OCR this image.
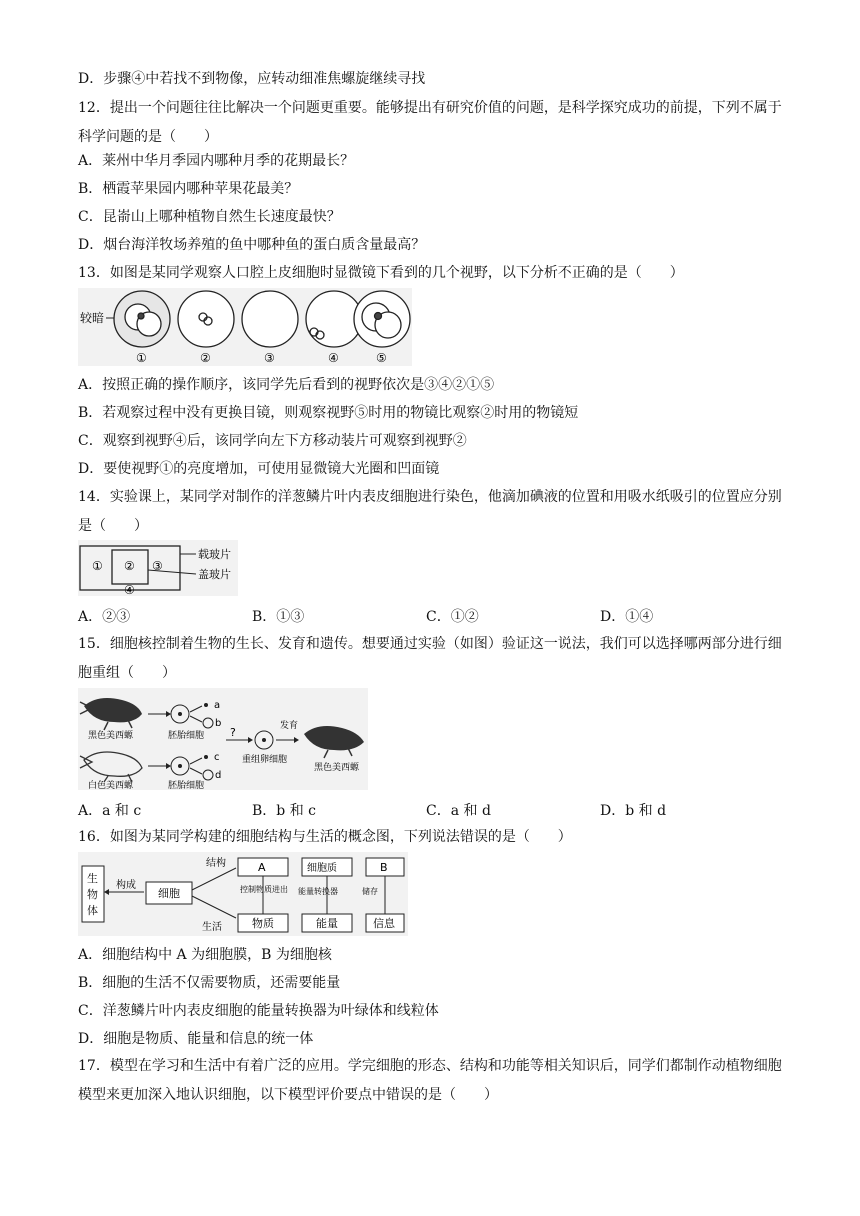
D．步骤④中若找不到物像，应转动细准焦螺旋继续寻找
12．提出一个问题往往比解决一个问题更重要。能够提出有研究价值的问题，是科学探究成功的前提，下列不属于科学问题的是（　　）
A．莱州中华月季园内哪种月季的花期最长？
B．栖霞苹果园内哪种苹果花最美？
C．昆嵛山上哪种植物自然生长速度最快？
D．烟台海洋牧场养殖的鱼中哪种鱼的蛋白质含量最高？
13．如图是某同学观察人口腔上皮细胞时显微镜下看到的几个视野，以下分析不正确的是（　　）
较暗
①	②	③	④	⑤
A．按照正确的操作顺序，该同学先后看到的视野依次是③④②①⑤
B．若观察过程中没有更换目镜，则观察视野⑤时用的物镜比观察②时用的物镜短
C．观察到视野④后，该同学向左下方移动装片可观察到视野②
D．要使视野①的亮度增加，可使用显微镜大光圈和凹面镜
14．实验课上，某同学对制作的洋葱鳞片叶内表皮细胞进行染色，他滴加碘液的位置和用吸水纸吸引的位置应分别是（　　）
① ② ③
④
载玻片
盖玻片
A．②③	B．①③	C．①②	D．①④
15．细胞核控制着生物的生长、发育和遗传。想要通过实验（如图）验证这一说法，我们可以选择哪两部分进行细胞重组（　　）
黑色美西螈
白色美西螈
胚胎细胞
胚胎细胞
a
b
c
d
?
重组卵细胞
发育
黑色美西螈
A．a 和 c	B．b 和 c	C．a 和 d	D．b 和 d
16．如图为某同学构建的细胞结构与生活的概念图，下列说法错误的是（　　）
生
物
体
构成
细胞
结构
生活
A	细胞质	B
控制物质进出 能量转换器	储存
物质	能量	信息
A．细胞结构中 A 为细胞膜，B 为细胞核
B．细胞的生活不仅需要物质，还需要能量
C．洋葱鳞片叶内表皮细胞的能量转换器为叶绿体和线粒体
D．细胞是物质、能量和信息的统一体
17．模型在学习和生活中有着广泛的应用。学完细胞的形态、结构和功能等相关知识后，同学们都制作动植物细胞模型来更加深入地认识细胞，以下模型评价要点中错误的是（　　）
